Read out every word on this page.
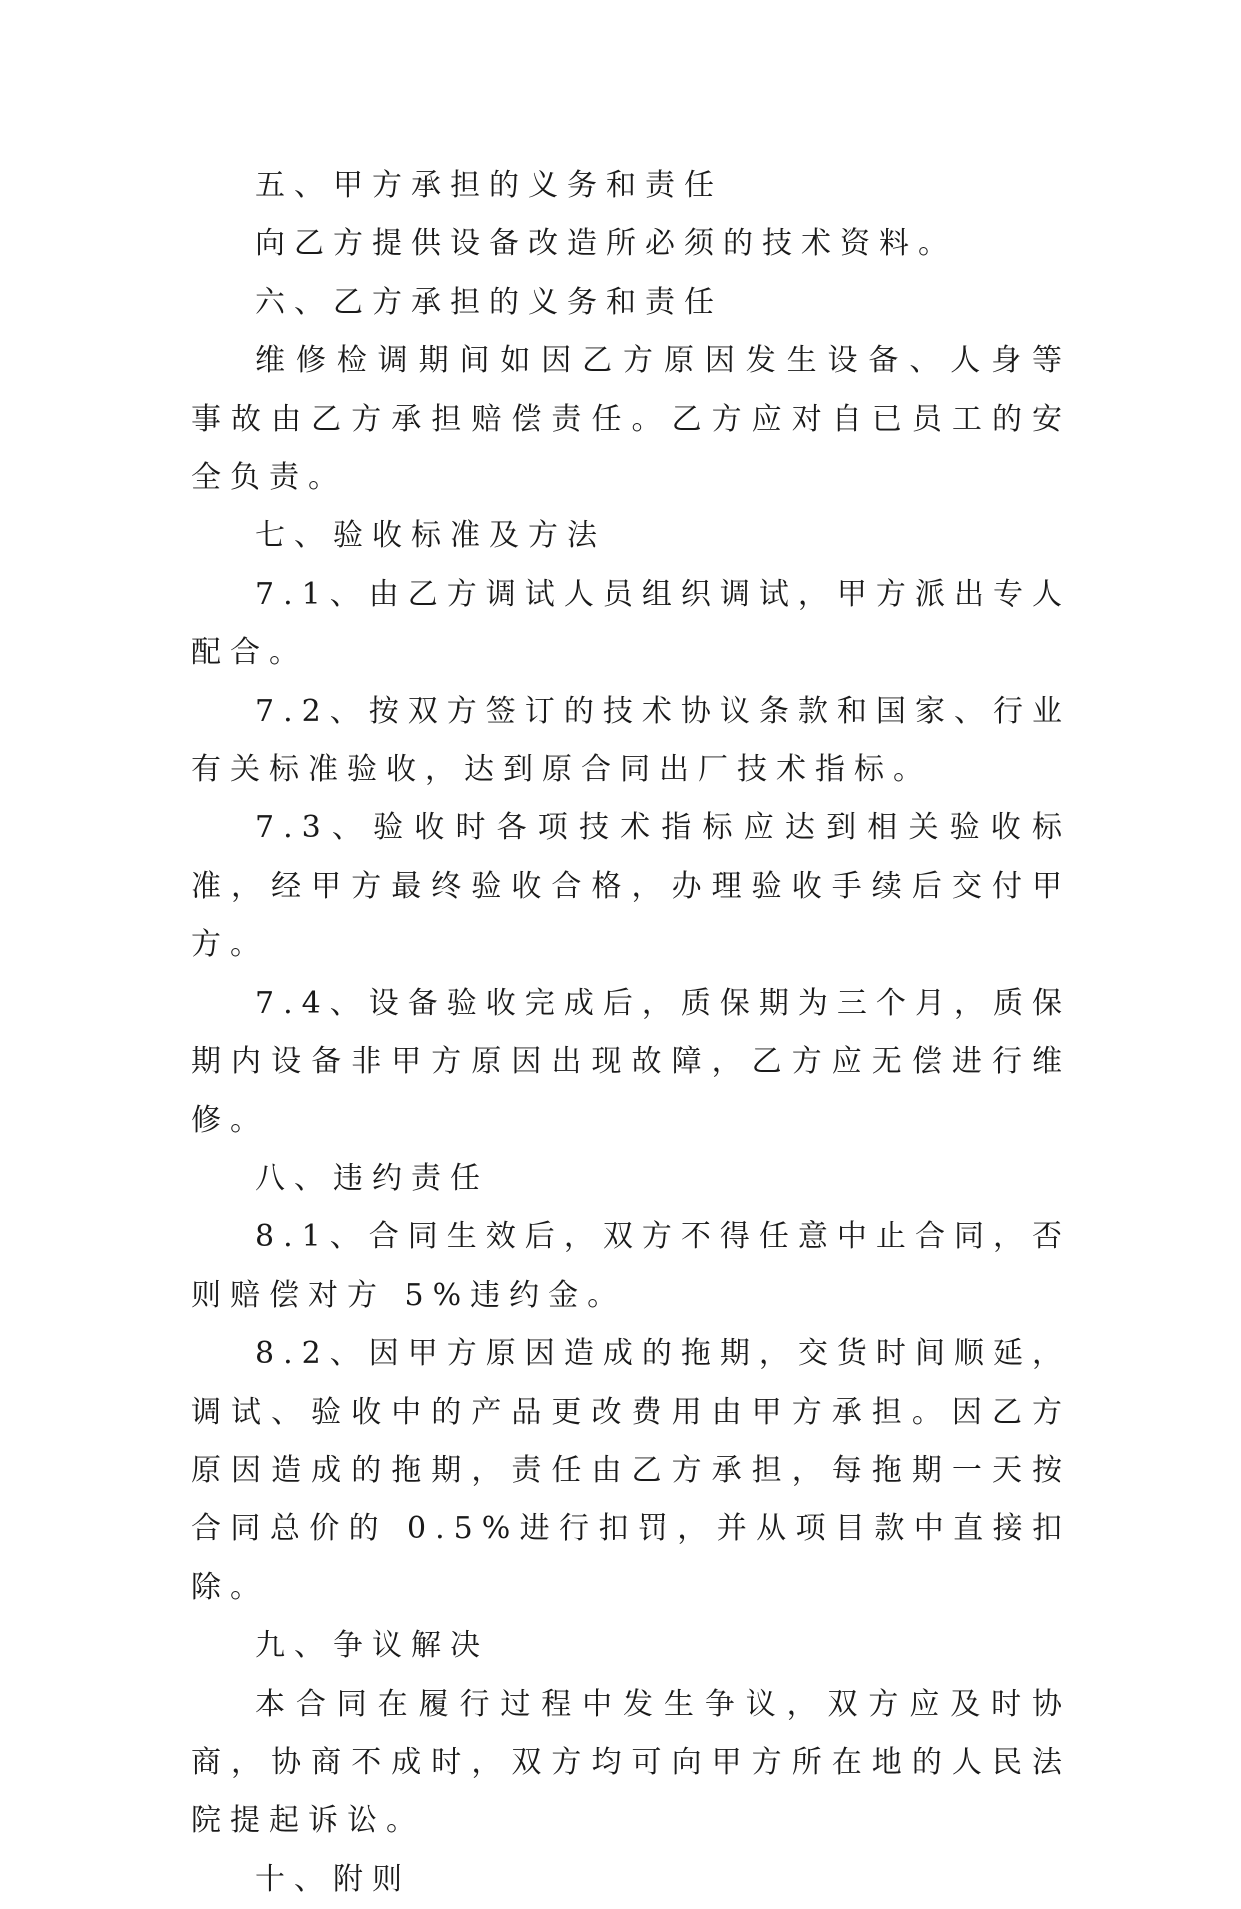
五、甲方承担的义务和责任

向乙方提供设备改造所必须的技术资料。

六、乙方承担的义务和责任

维修检调期间如因乙方原因发生设备、人身等事故由乙方承担赔偿责任。乙方应对自已员工的安全负责。

七、验收标准及方法

7.1、由乙方调试人员组织调试，甲方派出专人配合。

7.2、按双方签订的技术协议条款和国家、行业有关标准验收，达到原合同出厂技术指标。

7.3、验收时各项技术指标应达到相关验收标准，经甲方最终验收合格，办理验收手续后交付甲方。

7.4、设备验收完成后，质保期为三个月，质保期内设备非甲方原因出现故障，乙方应无偿进行维修。

八、违约责任

8.1、合同生效后，双方不得任意中止合同，否则赔偿对方 5%违约金。

8.2、因甲方原因造成的拖期，交货时间顺延，调试、验收中的产品更改费用由甲方承担。因乙方原因造成的拖期，责任由乙方承担，每拖期一天按合同总价的 0.5%进行扣罚，并从项目款中直接扣除。

九、争议解决

本合同在履行过程中发生争议，双方应及时协商，协商不成时，双方均可向甲方所在地的人民法院提起诉讼。

十、附则
